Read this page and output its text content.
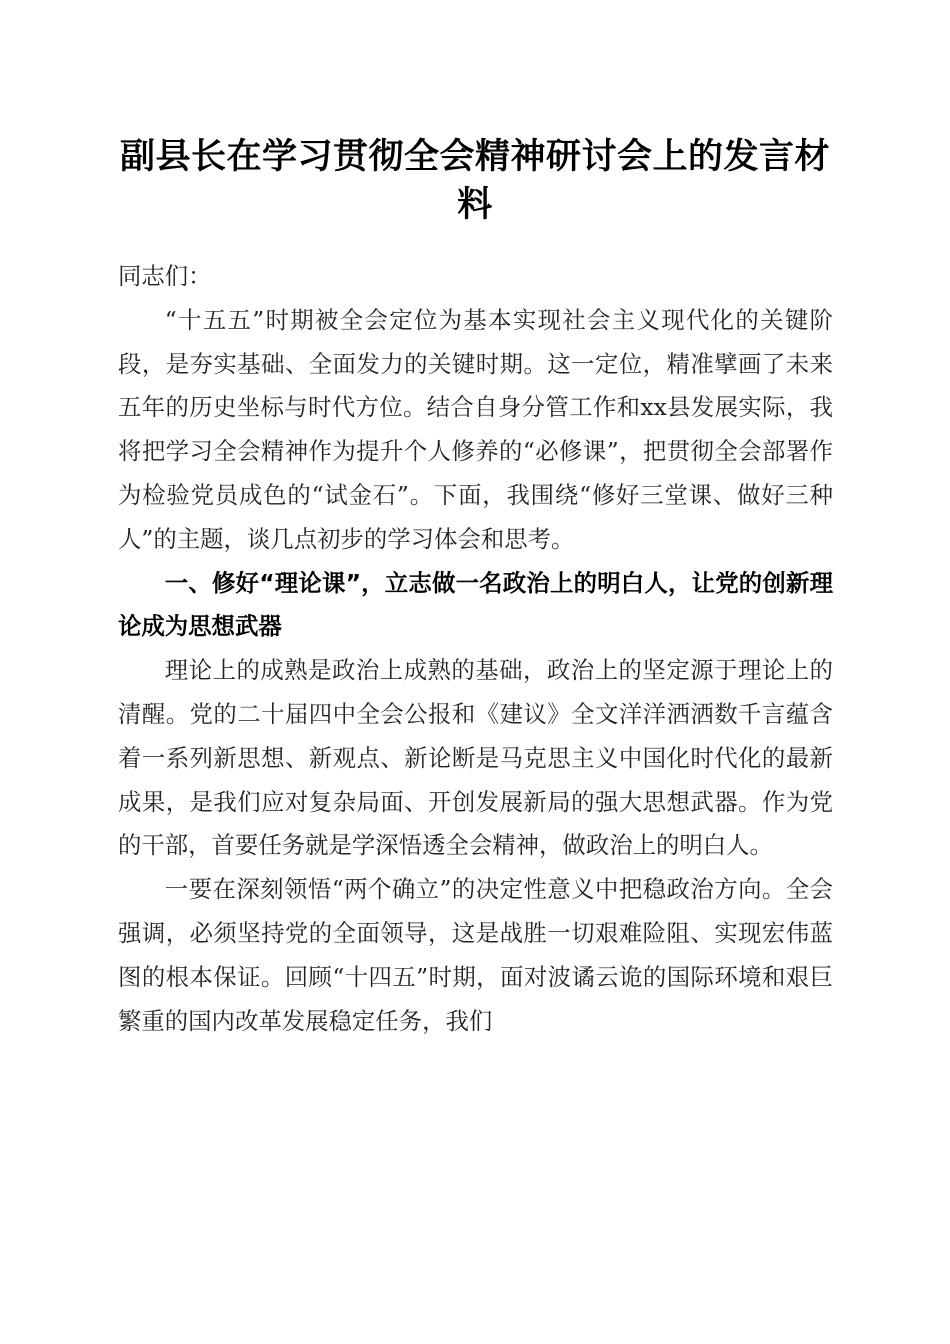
副县长在学习贯彻全会精神研讨会上的发言材料

同志们：

“十五五”时期被全会定位为基本实现社会主义现代化的关键阶段，是夯实基础、全面发力的关键时期。这一定位，精准擘画了未来五年的历史坐标与时代方位。结合自身分管工作和xx县发展实际，我将把学习全会精神作为提升个人修养的“必修课”，把贯彻全会部署作为检验党员成色的“试金石”。下面，我围绕“修好三堂课、做好三种人”的主题，谈几点初步的学习体会和思考。

一、修好“理论课”，立志做一名政治上的明白人，让党的创新理论成为思想武器

理论上的成熟是政治上成熟的基础，政治上的坚定源于理论上的清醒。党的二十届四中全会公报和《建议》全文洋洋洒洒数千言蕴含着一系列新思想、新观点、新论断是马克思主义中国化时代化的最新成果，是我们应对复杂局面、开创发展新局的强大思想武器。作为党的干部，首要任务就是学深悟透全会精神，做政治上的明白人。

一要在深刻领悟“两个确立”的决定性意义中把稳政治方向。全会强调，必须坚持党的全面领导，这是战胜一切艰难险阻、实现宏伟蓝图的根本保证。回顾“十四五”时期，面对波谲云诡的国际环境和艰巨繁重的国内改革发展稳定任务，我们
